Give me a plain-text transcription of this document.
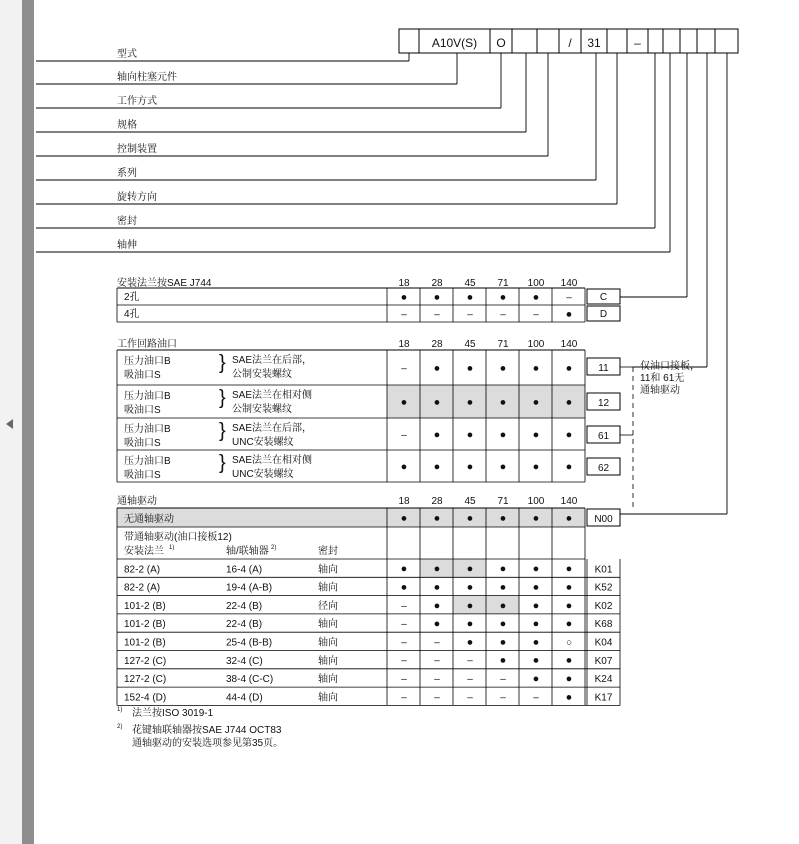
A10V(S) O	/ 31	–
型式
轴向柱塞元件
工作方式
规格
控制装置
系列
旋转方向
密封
轴伸
安装法兰按SAE J744	18 28 45 71 100 140
2孔	● ● ● ● ●	–	C
4孔	–	–	–	–	– ●	D
工作回路油口	18 28 45 71 100 140
压力油口B
吸油口S
} SAE法兰在后部，
公制安装螺纹	– ● ● ● ● ●	11
压力油口B
吸油口S
} SAE法兰在相对侧
公制安装螺纹
● ● ● ● ● ●	12
压力油口B
吸油口S
} SAE法兰在后部，
UNC安装螺纹
– ● ● ● ● ●	61
压力油口B
吸油口S
} SAE法兰在相对侧
UNC安装螺纹
● ● ● ● ● ●	62
仅油口接板，
11和 61无
通轴驱动
通轴驱动	18 28 45 71 100 140
无通轴驱动	● ● ● ● ● ● N00
带通轴驱动(油口接板12)
安装法兰 1)	轴/联轴器 2)	密封
82-2 (A)	16-4 (A)	轴向	● ● ● ● ● ● K01
82-2 (A)	19-4 (A-B)	轴向	● ● ● ● ● ● K52
101-2 (B)	22-4 (B)	径向	– ● ● ● ● ● K02
101-2 (B)	22-4 (B)	轴向	– ● ● ● ● ● K68
101-2 (B)	25-4 (B-B)	轴向	–	– ● ● ●	○ K04
127-2 (C)	32-4 (C)	轴向	–	–	– ● ● ● K07
127-2 (C)	38-4 (C-C)	轴向	–	–	–	– ● ● K24
152-4 (D)	44-4 (D)	轴向	–	–	–	–	– ● K17
1) 法兰按ISO 3019-1
2) 花键轴联轴器按SAE J744 OCT83
通轴驱动的安装选项参见第35页。
